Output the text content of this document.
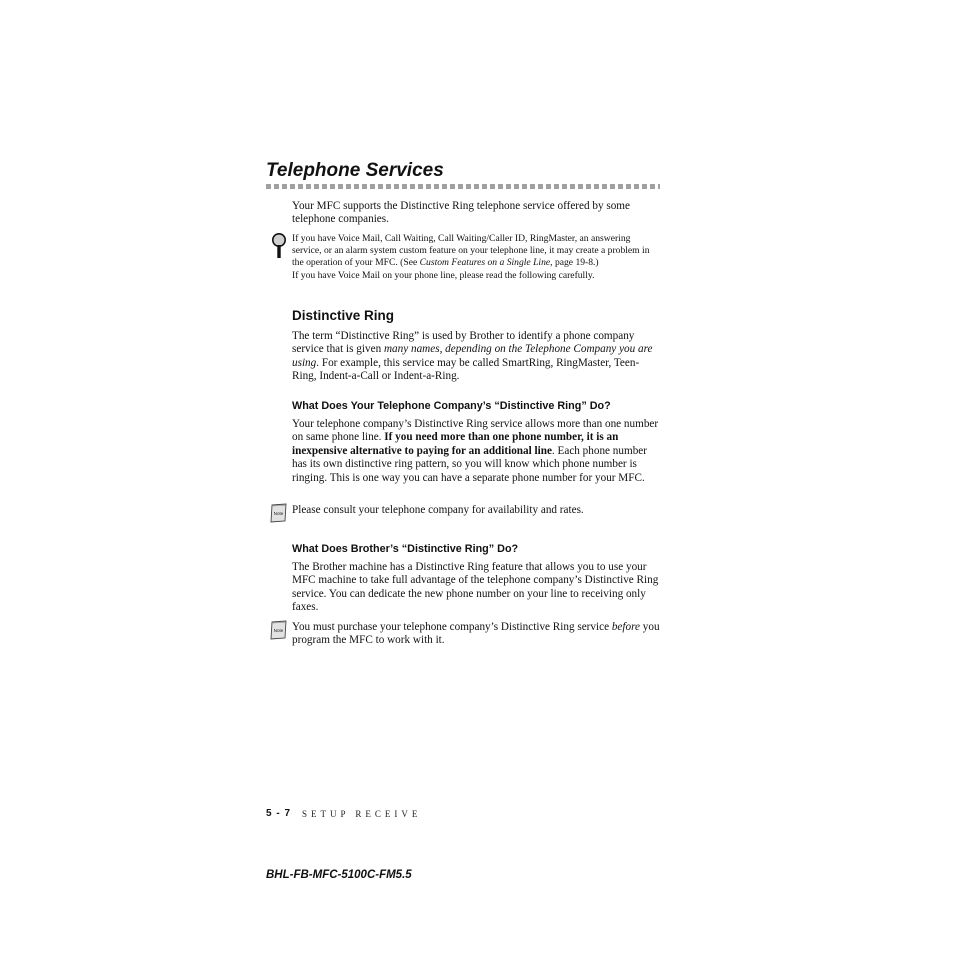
Telephone Services

Your MFC supports the Distinctive Ring telephone service offered by some telephone companies.

If you have Voice Mail, Call Waiting, Call Waiting/Caller ID, RingMaster, an answering service, or an alarm system custom feature on your telephone line, it may create a problem in the operation of your MFC. (See Custom Features on a Single Line, page 19-8.)

If you have Voice Mail on your phone line, please read the following carefully.

Distinctive Ring

The term “Distinctive Ring” is used by Brother to identify a phone company service that is given many names, depending on the Telephone Company you are using. For example, this service may be called SmartRing, RingMaster, Teen-Ring, Indent-a-Call or Indent-a-Ring.

What Does Your Telephone Company’s “Distinctive Ring” Do?

Your telephone company’s Distinctive Ring service allows more than one number on same phone line. If you need more than one phone number, it is an inexpensive alternative to paying for an additional line. Each phone number has its own distinctive ring pattern, so you will know which phone number is ringing. This is one way you can have a separate phone number for your MFC.

Note Please consult your telephone company for availability and rates.

What Does Brother’s “Distinctive Ring” Do?

The Brother machine has a Distinctive Ring feature that allows you to use your MFC machine to take full advantage of the telephone company’s Distinctive Ring service. You can dedicate the new phone number on your line to receiving only faxes.

Note You must purchase your telephone company’s Distinctive Ring service before you program the MFC to work with it.

5 - 7 SETUP RECEIVE
BHL-FB-MFC-5100C-FM5.5
